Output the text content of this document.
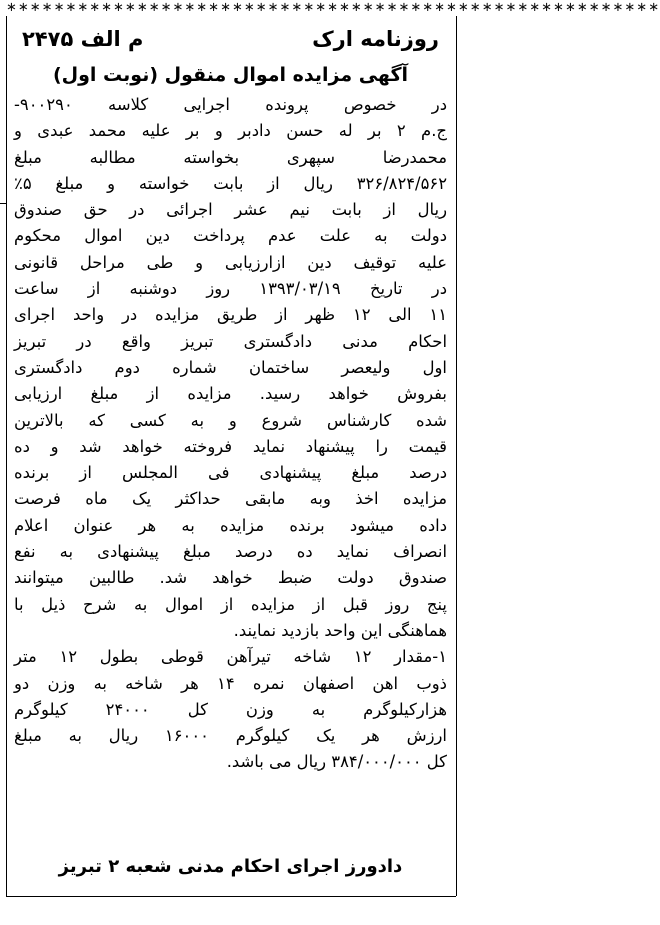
∗∗∗∗∗∗∗∗∗∗∗∗∗∗∗∗∗∗∗∗∗∗∗∗∗∗∗∗∗∗∗∗∗∗∗∗∗∗∗∗∗∗∗∗∗∗∗∗∗∗∗∗∗∗∗
روزنامه ارک
م الف ۲۴۷۵
آگهی مزایده اموال منقول (نوبت اول)
در خصوص پرونده اجرایی کلاسه ۹۰۰۲۹۰-
ج.م ۲ بر له حسن دادبر و بر علیه محمد عبدی و
محمدرضا سپهری بخواسته مطالبه مبلغ
۳۲۶/۸۲۴/۵۶۲ ریال از بابت خواسته و مبلغ ۵٪
ریال از بابت نیم عشر اجرائی در حق صندوق
دولت به علت عدم پرداخت دین اموال محکوم
علیه توقیف دین ازارزیابی و طی مراحل قانونی
در تاریخ ۱۳۹۳/۰۳/۱۹ روز دوشنبه از ساعت
۱۱ الی ۱۲ ظهر از طریق مزایده در واحد اجرای
احکام مدنی دادگستری تبریز واقع در تبریز
اول ولیعصر ساختمان شماره دوم دادگستری
بفروش خواهد رسید. مزایده از مبلغ ارزیابی
شده کارشناس شروع و به کسی که بالاترین
قیمت را پیشنهاد نماید فروخته خواهد شد و ده
درصد مبلغ پیشنهادی فی المجلس از برنده
مزایده اخذ وبه مابقی حداکثر یک ماه فرصت
داده میشود برنده مزایده به هر عنوان اعلام
انصراف نماید ده درصد مبلغ پیشنهادی به نفع
صندوق دولت ضبط خواهد شد. طالبین میتوانند
پنج روز قبل از مزایده از اموال به شرح ذیل با
هماهنگی این واحد بازدید نمایند.
۱-مقدار ۱۲ شاخه تیرآهن قوطی بطول ۱۲ متر
ذوب اهن اصفهان نمره ۱۴ هر شاخه به وزن دو
هزارکیلوگرم به وزن کل ۲۴۰۰۰ کیلوگرم
ارزش هر یک کیلوگرم ۱۶۰۰۰ ریال به مبلغ
کل ۳۸۴/۰۰۰/۰۰۰ ریال می باشد.
دادورز اجرای احکام مدنی شعبه ۲ تبریز
